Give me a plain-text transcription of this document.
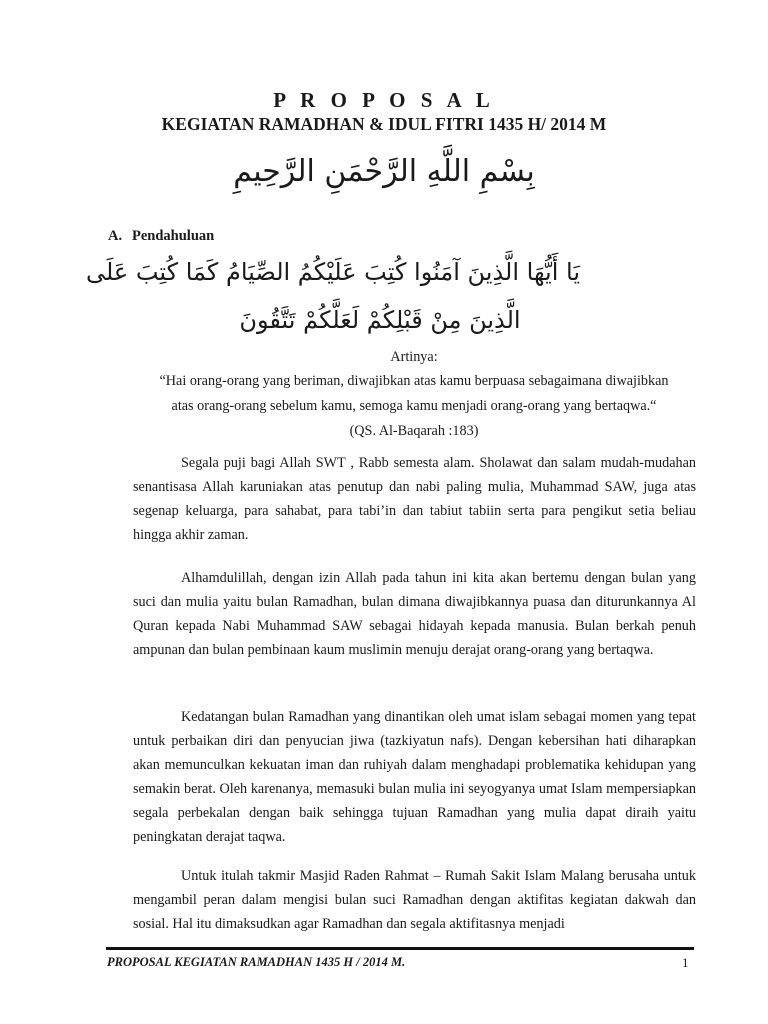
P R O P O S A L
KEGIATAN RAMADHAN & IDUL FITRI 1435 H/ 2014 M
بِسْمِ اللَّهِ الرَّحْمَنِ الرَّحِيمِ
A. Pendahuluan
يَا أَيُّهَا الَّذِينَ آمَنُوا كُتِبَ عَلَيْكُمُ الصِّيَامُ كَمَا كُتِبَ عَلَى
الَّذِينَ مِنْ قَبْلِكُمْ لَعَلَّكُمْ تَتَّقُونَ
Artinya:
“Hai orang-orang yang beriman, diwajibkan atas kamu berpuasa sebagaimana diwajibkan
atas orang-orang sebelum kamu, semoga kamu menjadi orang-orang yang bertaqwa.“
(QS. Al-Baqarah :183)

Segala puji bagi Allah SWT , Rabb semesta alam. Sholawat dan salam mudah-mudahan senantisasa Allah karuniakan atas penutup dan nabi paling mulia, Muhammad SAW, juga atas segenap keluarga, para sahabat, para tabi’in dan tabiut tabiin serta para pengikut setia beliau hingga akhir zaman.

Alhamdulillah, dengan izin Allah pada tahun ini kita akan bertemu dengan bulan yang suci dan mulia yaitu bulan Ramadhan, bulan dimana diwajibkannya puasa dan diturunkannya Al Quran kepada Nabi Muhammad SAW sebagai hidayah kepada manusia. Bulan berkah penuh ampunan dan bulan pembinaan kaum muslimin menuju derajat orang-orang yang bertaqwa.

Kedatangan bulan Ramadhan yang dinantikan oleh umat islam sebagai momen yang tepat untuk perbaikan diri dan penyucian jiwa (tazkiyatun nafs). Dengan kebersihan hati diharapkan akan memunculkan kekuatan iman dan ruhiyah dalam menghadapi problematika kehidupan yang semakin berat. Oleh karenanya, memasuki bulan mulia ini seyogyanya umat Islam mempersiapkan segala perbekalan dengan baik sehingga tujuan Ramadhan yang mulia dapat diraih yaitu peningkatan derajat taqwa.

Untuk itulah takmir Masjid Raden Rahmat – Rumah Sakit Islam Malang berusaha untuk mengambil peran dalam mengisi bulan suci Ramadhan dengan aktifitas kegiatan dakwah dan sosial. Hal itu dimaksudkan agar Ramadhan dan segala aktifitasnya menjadi

PROPOSAL KEGIATAN RAMADHAN 1435 H / 2014 M.	1
